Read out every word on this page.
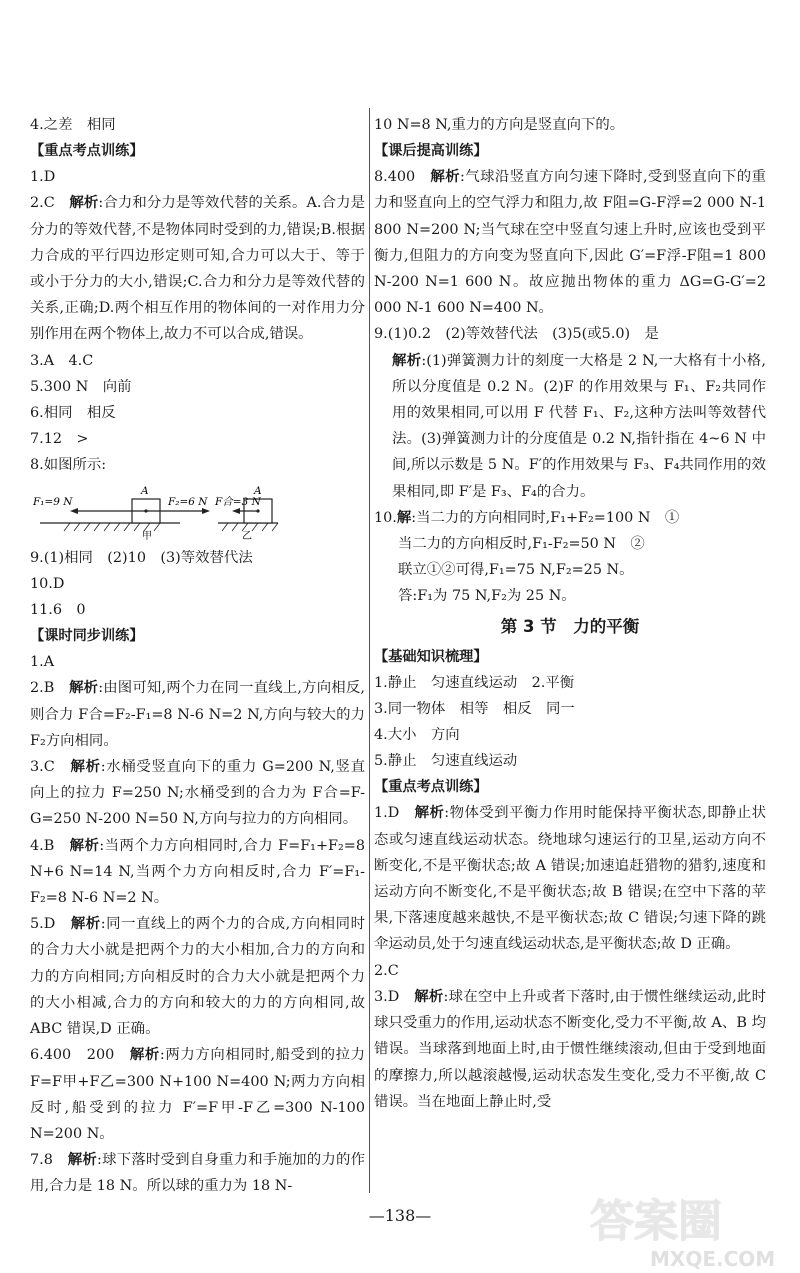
4.之差　相同

【重点考点训练】

1.D

2.C　 解析:合力和分力是等效代替的关系。A.合力是分力的等效代替,不是物体同时受到的力,错误;B.根据力合成的平行四边形定则可知,合力可以大于、等于或小于分力的大小,错误;C.合力和分力是等效代替的关系,正确;D.两个相互作用的物体间的一对作用力分别作用在两个物体上,故力不可以合成,错误。

3.A　4.C

5.300 N　向前

6.相同　相反

7.12　>

8.如图所示:

F₁=9 N	F₂=6 N
A
甲
F合=3 N
A
乙

9.(1)相同　(2)10　(3)等效替代法

10.D

11.6　0

【课时同步训练】

1.A

2.B　 解析:由图可知,两个力在同一直线上,方向相反,则合力 F合=F₂-F₁=8 N-6 N=2 N,方向与较大的力 F₂方向相同。

3.C　 解析:水桶受竖直向下的重力 G=200 N,竖直向上的拉力 F=250 N;水桶受到的合力为 F合=F-G=250 N-200 N=50 N,方向与拉力的方向相同。

4.B　 解析:当两个力方向相同时,合力 F=F₁+F₂=8 N+6 N=14 N,当两个力方向相反时,合力 F′=F₁-F₂=8 N-6 N=2 N。

5.D　 解析:同一直线上的两个力的合成,方向相同时的合力大小就是把两个力的大小相加,合力的方向和力的方向相同;方向相反时的合力大小就是把两个力的大小相减,合力的方向和较大的力的方向相同,故 ABC 错误,D 正确。

6.400　200　 解析:两力方向相同时,船受到的拉力 F=F甲+F乙=300 N+100 N=400 N;两力方向相反时,船受到的拉力 F′=F甲-F乙=300 N-100 N=200 N。

7.8　 解析:球下落时受到自身重力和手施加的力的作用,合力是 18 N。所以球的重力为 18 N-

10 N=8 N,重力的方向是竖直向下的。

【课后提高训练】

8.400　 解析:气球沿竖直方向匀速下降时,受到竖直向下的重力和竖直向上的空气浮力和阻力,故 F阻=G-F浮=2 000 N-1 800 N=200 N;当气球在空中竖直匀速上升时,应该也受到平衡力,但阻力的方向变为竖直向下,因此 G′=F浮-F阻=1 800 N-200 N=1 600 N。故应抛出物体的重力 ΔG=G-G′=2 000 N-1 600 N=400 N。

9.(1)0.2　(2)等效替代法　(3)5(或5.0)　是

解析:(1)弹簧测力计的刻度一大格是 2 N,一大格有十小格,所以分度值是 0.2 N。(2)F 的作用效果与 F₁、F₂共同作用的效果相同,可以用 F 代替 F₁、F₂,这种方法叫等效替代法。(3)弹簧测力计的分度值是 0.2 N,指针指在 4~6 N 中间,所以示数是 5 N。F′的作用效果与 F₃、F₄共同作用的效果相同,即 F′是 F₃、F₄的合力。

10.解:当二力的方向相同时,F₁+F₂=100 N　①

当二力的方向相反时,F₁-F₂=50 N　②

联立①②可得,F₁=75 N,F₂=25 N。

答:F₁为 75 N,F₂为 25 N。

第 3 节　力的平衡

【基础知识梳理】

1.静止　匀速直线运动　2.平衡

3.同一物体　相等　相反　同一

4.大小　方向

5.静止　匀速直线运动

【重点考点训练】

1.D　 解析:物体受到平衡力作用时能保持平衡状态,即静止状态或匀速直线运动状态。绕地球匀速运行的卫星,运动方向不断变化,不是平衡状态;故 A 错误;加速追赶猎物的猎豹,速度和运动方向不断变化,不是平衡状态;故 B 错误;在空中下落的苹果,下落速度越来越快,不是平衡状态;故 C 错误;匀速下降的跳伞运动员,处于匀速直线运动状态,是平衡状态;故 D 正确。

2.C

3.D　 解析:球在空中上升或者下落时,由于惯性继续运动,此时球只受重力的作用,运动状态不断变化,受力不平衡,故 A、B 均错误。当球落到地面上时,由于惯性继续滚动,但由于受到地面的摩擦力,所以越滚越慢,运动状态发生变化,受力不平衡,故 C 错误。当在地面上静止时,受

—138—	答案圈
MXQE.COM
